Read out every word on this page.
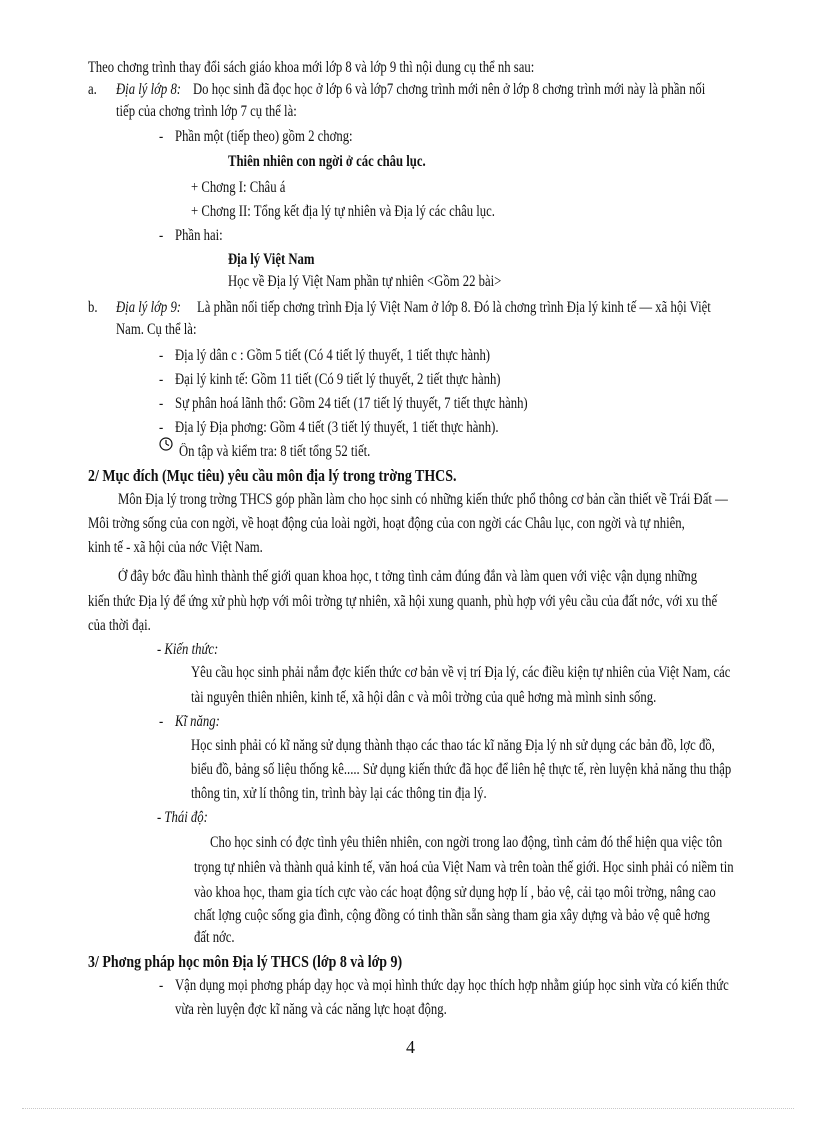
Theo chơng trình thay đổi sách giáo khoa mới lớp 8 và lớp 9 thì nội dung cụ thể nh sau:
a. Địa lý lớp 8: Do học sinh đã đọc học ở lớp 6 và lớp7 chơng trình mới nên ở lớp 8 chơng trình mới này là phần nối
tiếp của chơng trình lớp 7 cụ thể là:
- Phần một (tiếp theo) gồm 2 chơng:
Thiên nhiên con ngời ở các châu lục.
+ Chơng I: Châu á
+ Chơng II: Tổng kết địa lý tự nhiên và Địa lý các châu lục.
- Phần hai:
Địa lý Việt Nam
Học về Địa lý Việt Nam phần tự nhiên <Gồm 22 bài>
b. Địa lý lớp 9: Là phần nối tiếp chơng trình Địa lý Việt Nam ở lớp 8. Đó là chơng trình Địa lý kinh tế — xã hội Việt
Nam. Cụ thể là:
- Địa lý dân c : Gồm 5 tiết (Có 4 tiết lý thuyết, 1 tiết thực hành)
- Đại lý kinh tế: Gồm 11 tiết (Có 9 tiết lý thuyết, 2 tiết thực hành)
- Sự phân hoá lãnh thổ: Gồm 24 tiết (17 tiết lý thuyết, 7 tiết thực hành)
- Địa lý Địa phơng: Gồm 4 tiết (3 tiết lý thuyết, 1 tiết thực hành).
Ôn tập và kiểm tra: 8 tiết tổng 52 tiết.
2/ Mục đích (Mục tiêu) yêu cầu môn địa lý trong trờng THCS.
Môn Địa lý trong trờng THCS góp phần làm cho học sinh có những kiến thức phổ thông cơ bản cần thiết về Trái Đất —
Môi trờng sống của con ngời, về hoạt động của loài ngời, hoạt động của con ngời các Châu lục, con ngời và tự nhiên,
kinh tế - xã hội của nớc Việt Nam.
Ở đây bớc đầu hình thành thế giới quan khoa học, t tởng tình cảm đúng đắn và làm quen với việc vận dụng những
kiến thức Địa lý để ứng xử phù hợp với môi trờng tự nhiên, xã hội xung quanh, phù hợp với yêu cầu của đất nớc, với xu thế
của thời đại.
- Kiến thức:
Yêu cầu học sinh phải nắm đợc kiến thức cơ bản về vị trí Địa lý, các điều kiện tự nhiên của Việt Nam, các
tài nguyên thiên nhiên, kinh tế, xã hội dân c và môi trờng của quê hơng mà mình sinh sống.
- Kĩ năng:
Học sinh phải có kĩ năng sử dụng thành thạo các thao tác kĩ năng Địa lý nh sử dụng các bản đồ, lợc đồ,
biểu đồ, bảng số liệu thống kê..... Sử dụng kiến thức đã học để liên hệ thực tế, rèn luyện khả năng thu thập
thông tin, xử lí thông tin, trình bày lại các thông tin địa lý.
- Thái độ:
Cho học sinh có đợc tình yêu thiên nhiên, con ngời trong lao động, tình cảm đó thể hiện qua việc tôn
trọng tự nhiên và thành quả kinh tế, văn hoá của Việt Nam và trên toàn thế giới. Học sinh phải có niềm tin
vào khoa học, tham gia tích cực vào các hoạt động sử dụng hợp lí , bảo vệ, cải tạo môi trờng, nâng cao
chất lợng cuộc sống gia đình, cộng đồng có tinh thần sẵn sàng tham gia xây dựng và bảo vệ quê hơng
đất nớc.
3/ Phơng pháp học môn Địa lý THCS (lớp 8 và lớp 9)
- Vận dụng mọi phơng pháp dạy học và mọi hình thức dạy học thích hợp nhằm giúp học sinh vừa có kiến thức
vừa rèn luyện đợc kĩ năng và các năng lực hoạt động.
4
